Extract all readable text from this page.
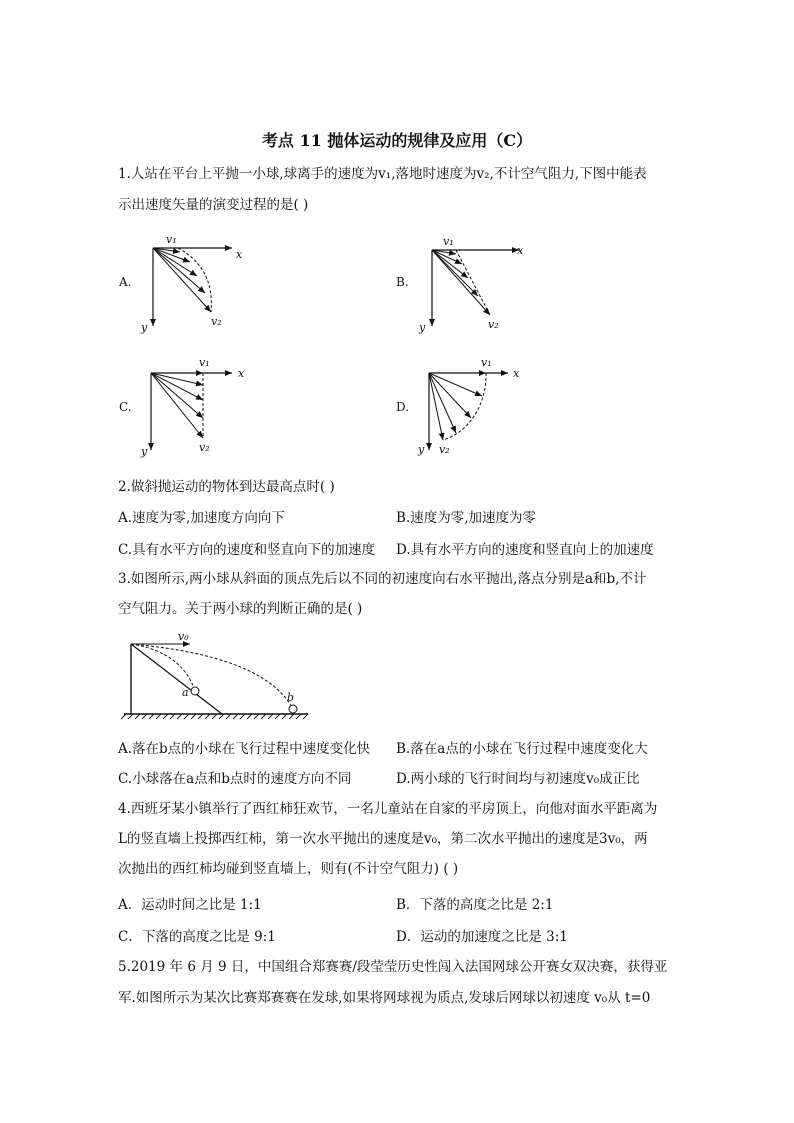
考点 11 抛体运动的规律及应用（C）
1.人站在平台上平抛一小球,球离手的速度为v₁,落地时速度为v₂,不计空气阻力,下图中能表
示出速度矢量的演变过程的是( )
A.	B.
C.	D.
x
y
v₁
v₂
x
y
v₁
v₂
x
y
v₁
v₂
x
y
v₁
v₂
v₀
a	b
2.做斜抛运动的物体到达最高点时( )
A.速度为零,加速度方向向下	B.速度为零,加速度为零
C.具有水平方向的速度和竖直向下的加速度 D.具有水平方向的速度和竖直向上的加速度
3.如图所示,两小球从斜面的顶点先后以不同的初速度向右水平抛出,落点分别是a和b,不计
空气阻力。关于两小球的判断正确的是( )
A.落在b点的小球在飞行过程中速度变化快 B.落在a点的小球在飞行过程中速度变化大
C.小球落在a点和b点时的速度方向不同	D.两小球的飞行时间均与初速度v₀成正比
4.西班牙某小镇举行了西红柿狂欢节，一名儿童站在自家的平房顶上，向他对面水平距离为
L的竖直墙上投掷西红柿，第一次水平抛出的速度是v₀，第二次水平抛出的速度是3v₀，两
次抛出的西红柿均碰到竖直墙上，则有(不计空气阻力) ( )
A．运动时间之比是 1:1	B．下落的高度之比是 2:1
C．下落的高度之比是 9:1	D．运动的加速度之比是 3:1
5.2019 年 6 月 9 日，中国组合郑赛赛/段莹莹历史性闯入法国网球公开赛女双决赛，获得亚
军.如图所示为某次比赛郑赛赛在发球,如果将网球视为质点,发球后网球以初速度 v₀从 t=0
